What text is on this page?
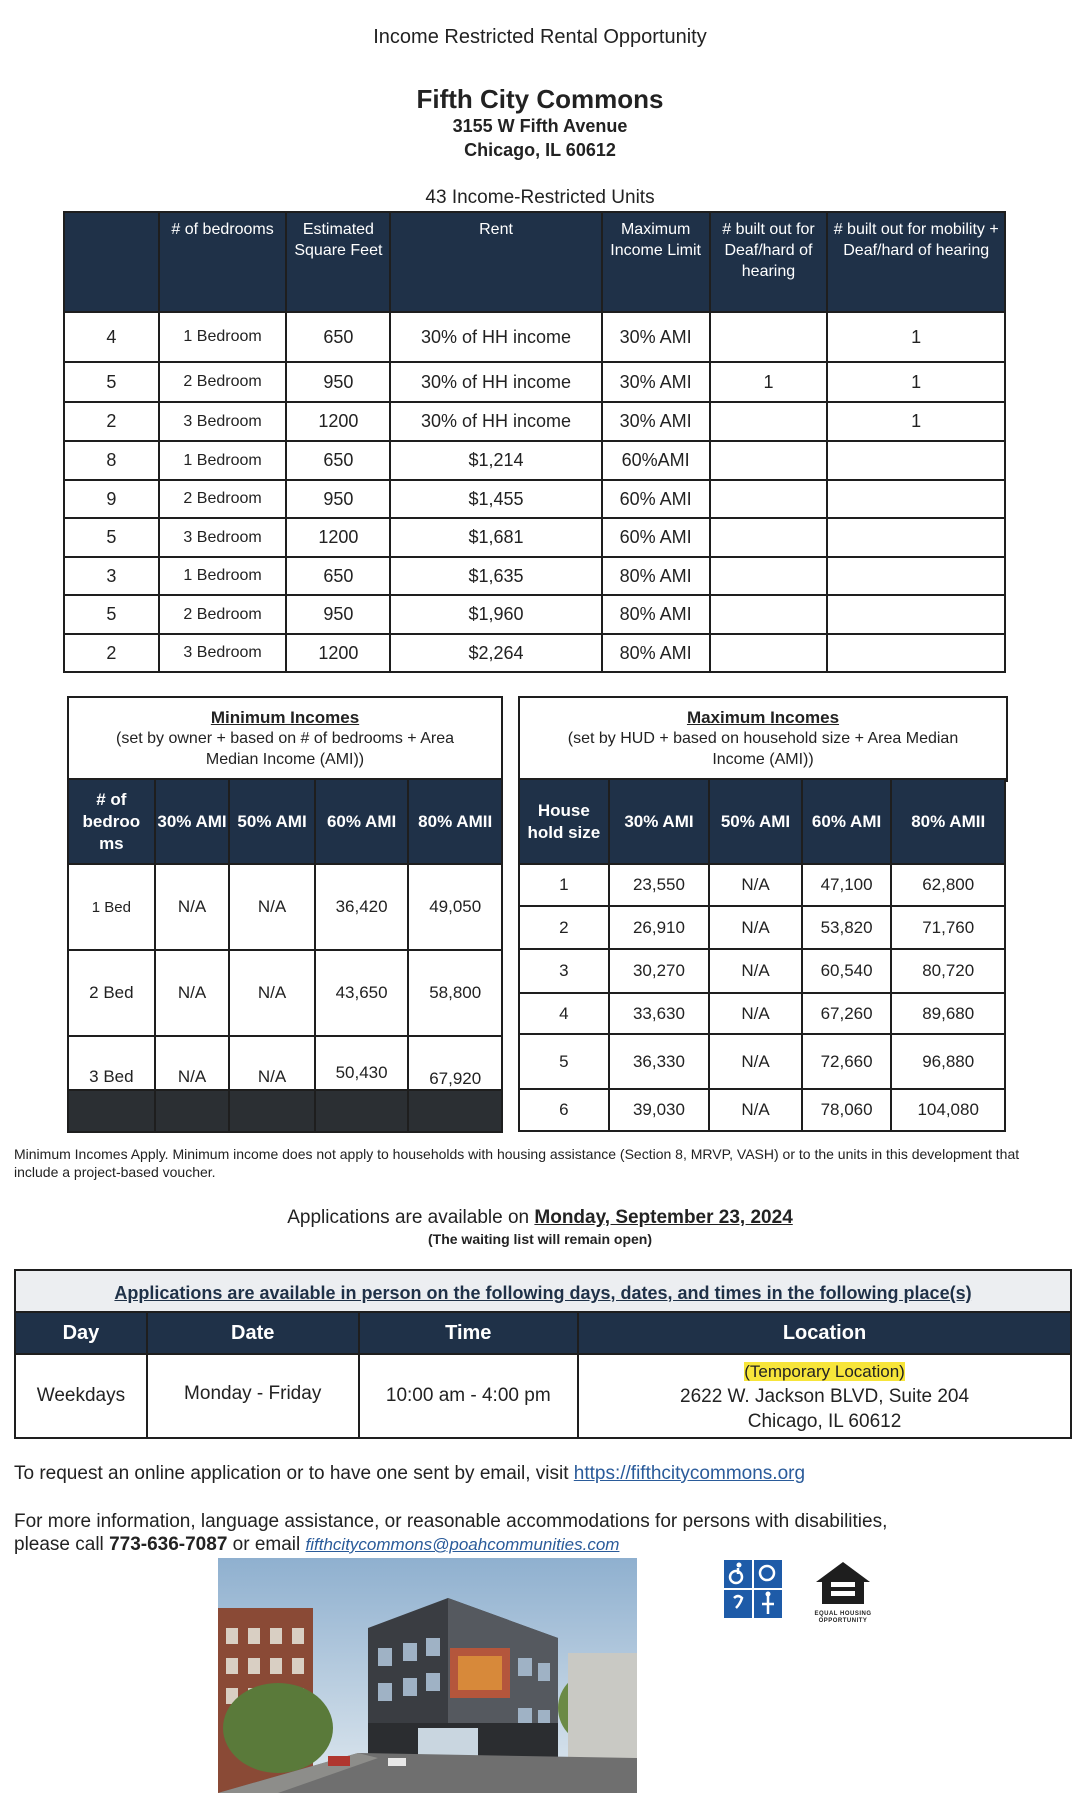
Income Restricted Rental Opportunity
Fifth City Commons
3155 W Fifth Avenue
Chicago, IL 60612
43 Income-Restricted Units
	# of bedrooms	Estimated Square Feet	Rent	Maximum Income Limit	# built out for Deaf/hard of hearing	# built out for mobility + Deaf/hard of hearing
4	1 Bedroom	650	30% of HH income	30% AMI		1
5	2 Bedroom	950	30% of HH income	30% AMI	1	1
2	3 Bedroom	1200	30% of HH income	30% AMI		1
8	1 Bedroom	650	$1,214	60%AMI		
9	2 Bedroom	950	$1,455	60% AMI		
5	3 Bedroom	1200	$1,681	60% AMI		
3	1 Bedroom	650	$1,635	80% AMI		
5	2 Bedroom	950	$1,960	80% AMI		
2	3 Bedroom	1200	$2,264	80% AMI		
Minimum Incomes
(set by owner + based on # of bedrooms + Area Median Income (AMI))
# of bedroo ms	30% AMI	50% AMI	60% AMI	80% AMII
1 Bed	N/A	N/A	36,420	49,050
2 Bed	N/A	N/A	43,650	58,800
3 Bed	N/A	N/A	50,430	67,920

Maximum Incomes
(set by HUD + based on household size + Area Median Income (AMI))
House hold size	30% AMI	50% AMI	60% AMI	80% AMII
1	23,550	N/A	47,100	62,800
2	26,910	N/A	53,820	71,760
3	30,270	N/A	60,540	80,720
4	33,630	N/A	67,260	89,680
5	36,330	N/A	72,660	96,880
6	39,030	N/A	78,060	104,080
Minimum Incomes Apply. Minimum income does not apply to households with housing assistance (Section 8, MRVP, VASH) or to the units in this development that include a project-based voucher.
Applications are available on Monday, September 23, 2024
(The waiting list will remain open)
Applications are available in person on the following days, dates, and times in the following place(s)
Day	Date	Time	Location
Weekdays	Monday - Friday	10:00 am - 4:00 pm	(Temporary Location)
2622 W. Jackson BLVD, Suite 204
Chicago, IL 60612
To request an online application or to have one sent by email, visit https://fifthcitycommons.org
For more information, language assistance, or reasonable accommodations for persons with disabilities,
please call 773-636-7087 or email fifthcitycommons@poahcommunities.com
EQUAL HOUSING
OPPORTUNITY
